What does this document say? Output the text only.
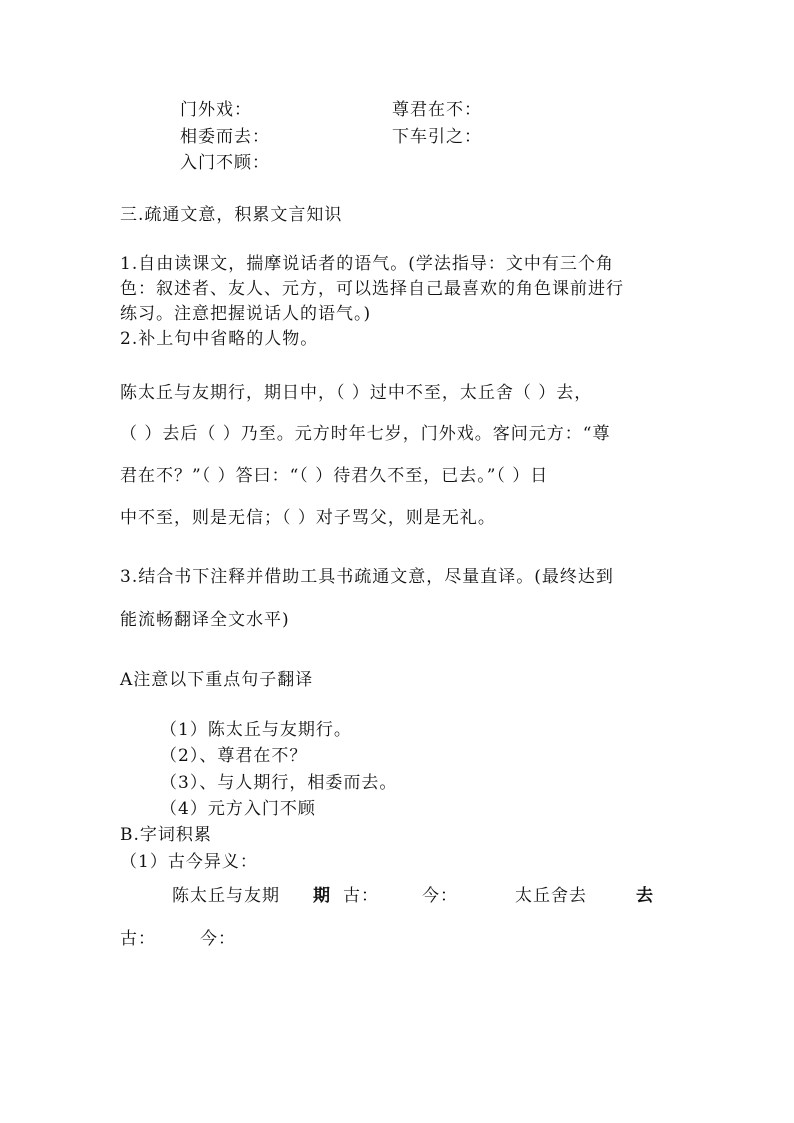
门外戏：	尊君在不：
相委而去：	下车引之：
入门不顾：
三.疏通文意，积累文言知识
1.自由读课文，揣摩说话者的语气。(学法指导：文中有三个角
色：叙述者、友人、元方，可以选择自己最喜欢的角色课前进行
练习。注意把握说话人的语气。)
2.补上句中省略的人物。
陈太丘与友期行，期日中，（ ）过中不至，太丘舍（ ）去，
（ ）去后（ ）乃至。元方时年七岁，门外戏。客问元方：“尊
君在不？”（ ）答曰：“（ ）待君久不至，已去。”（ ）日
中不至，则是无信；（ ）对子骂父，则是无礼。
3.结合书下注释并借助工具书疏通文意，尽量直译。(最终达到
能流畅翻译全文水平)
A注意以下重点句子翻译
（1）陈太丘与友期行。
（2）、尊君在不？
（3）、与人期行，相委而去。
（4）元方入门不顾
B.字词积累
（1）古今异义：
陈太丘与友期 期 古：	今：	太丘舍去	去
古：	今：
